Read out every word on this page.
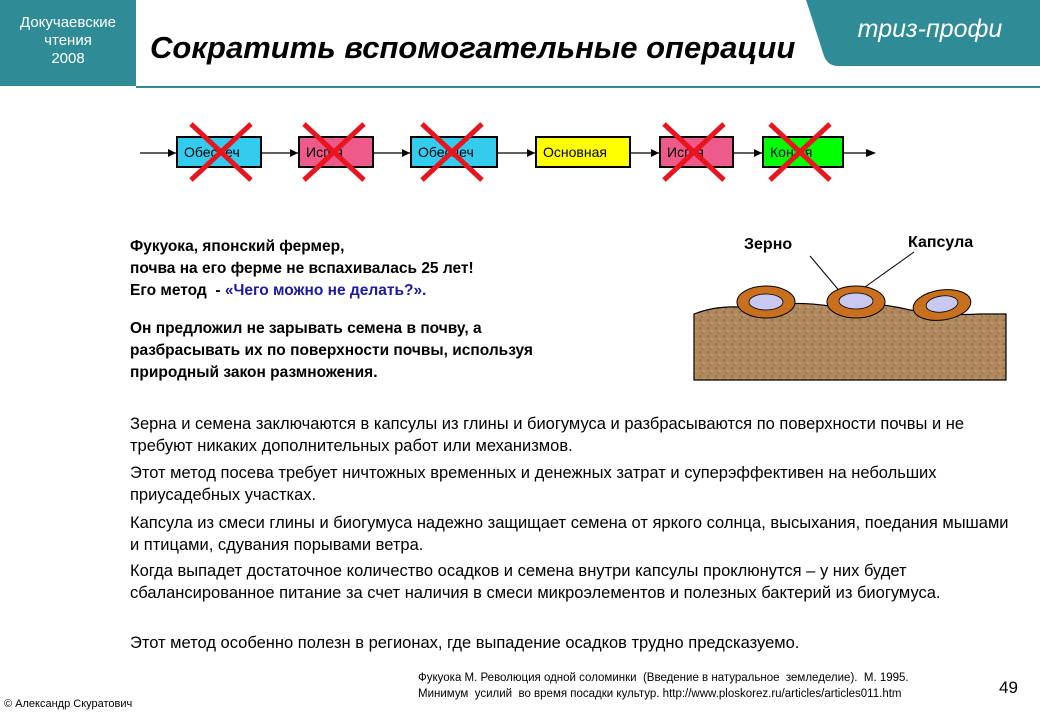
Докучаевские
чтения
2008
триз-профи
Сократить вспомогательные операции
Обеспеч	Исп-я	Обеспеч	Основная	Исп-я	Конт-я
Фукуока, японский фермер,
почва на его ферме не вспахивалась 25 лет!
Его метод  - «Чего можно не делать?».
Он предложил не зарывать семена в почву, а
разбрасывать их по поверхности почвы, используя
природный закон размножения.
Зерно	Капсула
Зерна и семена заключаются в капсулы из глины и биогумуса и разбрасываются по поверхности почвы и не требуют никаких дополнительных работ или механизмов.
Этот метод посева требует ничтожных временных и денежных затрат и суперэффективен на небольших приусадебных участках.
Капсула из смеси глины и биогумуса надежно защищает семена от яркого солнца, высыхания, поедания мышами и птицами, сдувания порывами ветра.
Когда выпадет достаточное количество осадков и семена внутри капсулы проклюнутся – у них будет сбалансированное питание за счет наличия в смеси микроэлементов и полезных бактерий из биогумуса.
Этот метод особенно полезн в регионах, где выпадение осадков трудно предсказуемо.
Фукуока М. Революция одной соломинки  (Введение в натуральное  земледелие).  М. 1995.
Минимум  усилий  во время посадки культур. http://www.ploskorez.ru/articles/articles011.htm	49
© Александр Скуратович
